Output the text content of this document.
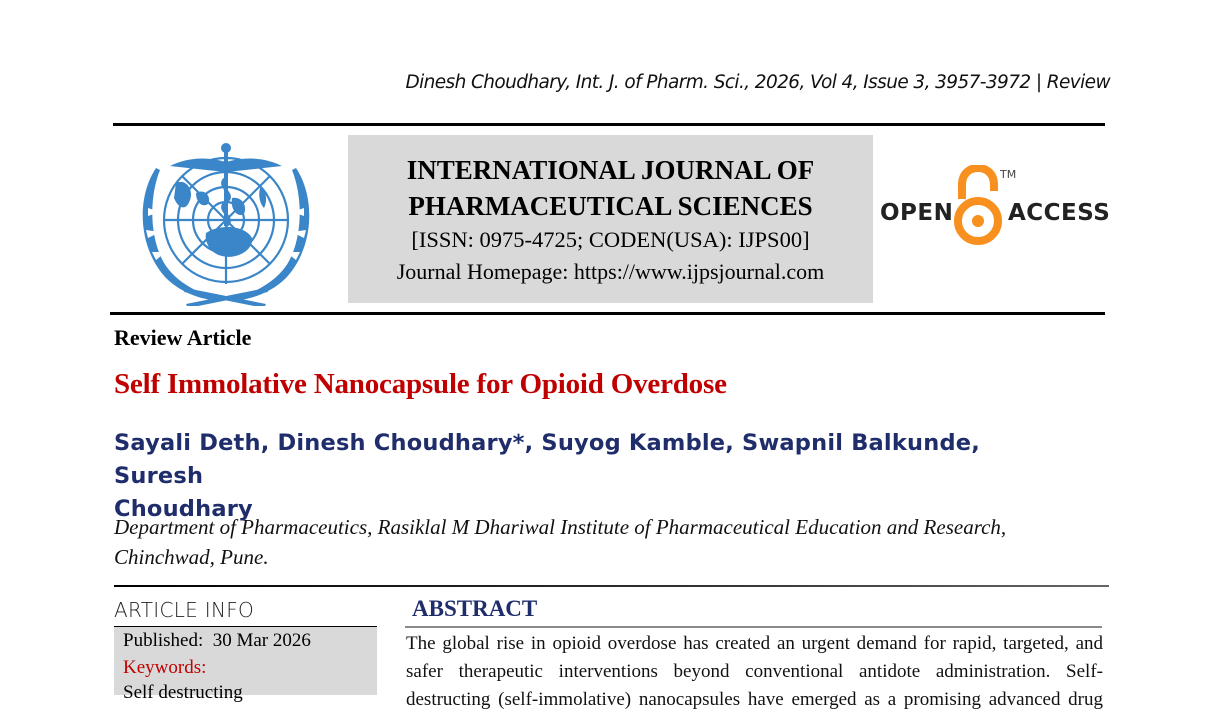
Dinesh Choudhary, Int. J. of Pharm. Sci., 2026, Vol 4, Issue 3, 3957-3972 | Review
INTERNATIONAL JOURNAL OF
PHARMACEUTICAL SCIENCES
[ISSN: 0975-4725; CODEN(USA): IJPS00]
Journal Homepage: https://www.ijpsjournal.com
OPEN
TM
ACCESS
Review Article
Self Immolative Nanocapsule for Opioid Overdose
Sayali Deth, Dinesh Choudhary*, Suyog Kamble, Swapnil Balkunde, Suresh
Choudhary
Department of Pharmaceutics, Rasiklal M Dhariwal Institute of Pharmaceutical Education and Research,
Chinchwad, Pune.
ARTICLE INFO
Published: 30 Mar 2026
Keywords:
Self destructing
ABSTRACT
The global rise in opioid overdose has created an urgent demand for rapid, targeted, and
safer therapeutic interventions beyond conventional antidote administration. Self-
destructing (self-immolative) nanocapsules have emerged as a promising advanced drug
